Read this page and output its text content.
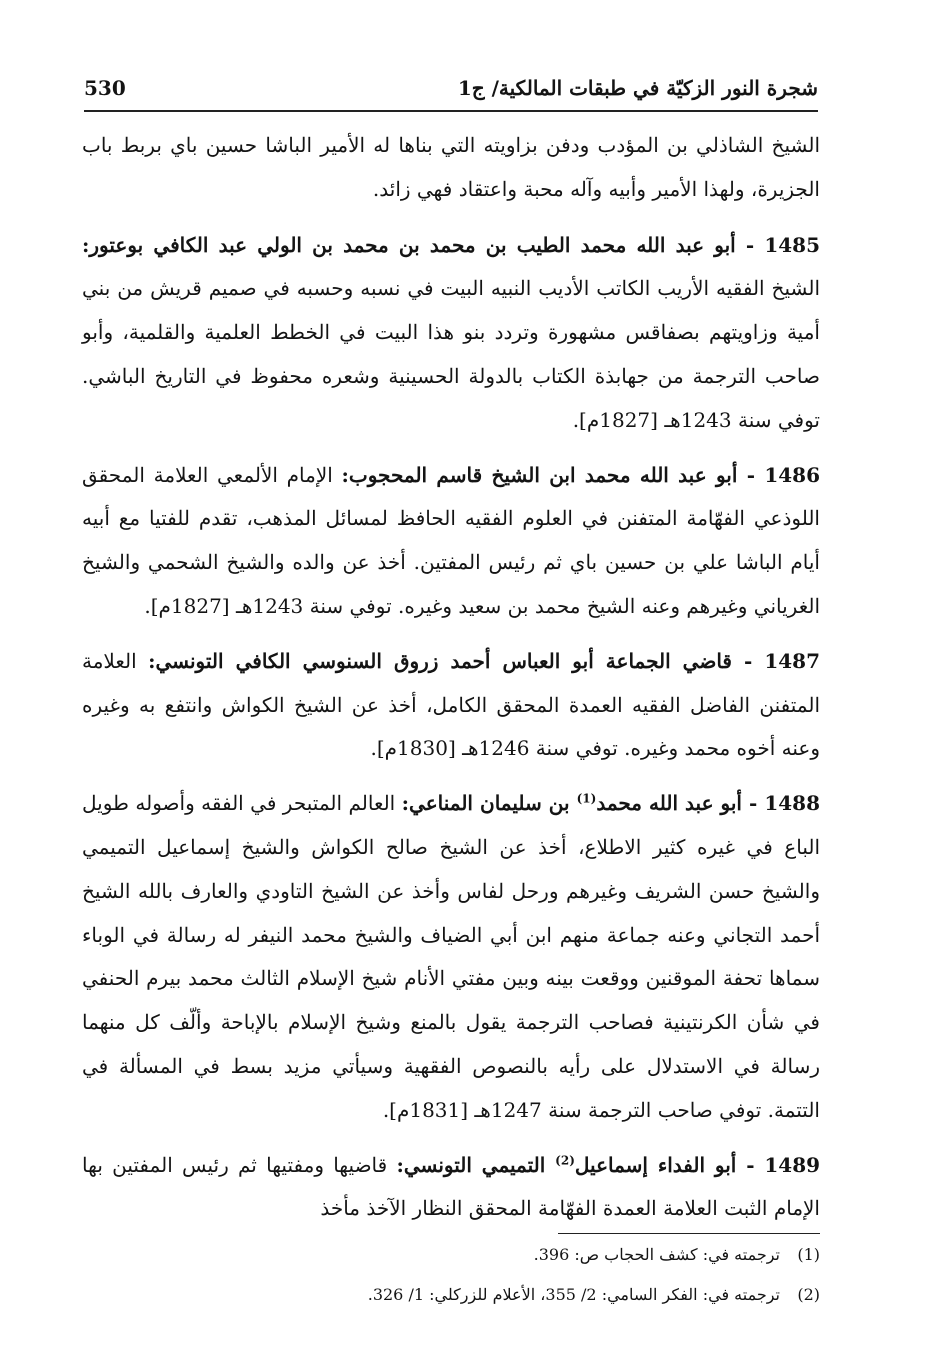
530	شجرة النور الزكيّة في طبقات المالكية/ ج1

الشيخ الشاذلي بن المؤدب ودفن بزاويته التي بناها له الأمير الباشا حسين باي بربط باب الجزيرة، ولهذا الأمير وأبيه وآله محبة واعتقاد فهي زائد.

1485 - أبو عبد الله محمد الطيب بن محمد بن محمد بن الولي عبد الكافي بوعتور: الشيخ الفقيه الأريب الكاتب الأديب النبيه البيت في نسبه وحسبه في صميم قريش من بني أمية وزاويتهم بصفاقس مشهورة وتردد بنو هذا البيت في الخطط العلمية والقلمية، وأبو صاحب الترجمة من جهابذة الكتاب بالدولة الحسينية وشعره محفوظ في التاريخ الباشي. توفي سنة 1243هـ [1827م].

1486 - أبو عبد الله محمد ابن الشيخ قاسم المحجوب: الإمام الألمعي العلامة المحقق اللوذعي الفهّامة المتفنن في العلوم الفقيه الحافظ لمسائل المذهب، تقدم للفتيا مع أبيه أيام الباشا علي بن حسين باي ثم رئيس المفتين. أخذ عن والده والشيخ الشحمي والشيخ الغرياني وغيرهم وعنه الشيخ محمد بن سعيد وغيره. توفي سنة 1243هـ [1827م].

1487 - قاضي الجماعة أبو العباس أحمد زروق السنوسي الكافي التونسي: العلامة المتفنن الفاضل الفقيه العمدة المحقق الكامل، أخذ عن الشيخ الكواش وانتفع به وغيره وعنه أخوه محمد وغيره. توفي سنة 1246هـ [1830م].

1488 - أبو عبد الله محمد$^{(1)}$ بن سليمان المناعي: العالم المتبحر في الفقه وأصوله طويل الباع في غيره كثير الاطلاع، أخذ عن الشيخ صالح الكواش والشيخ إسماعيل التميمي والشيخ حسن الشريف وغيرهم ورحل لفاس وأخذ عن الشيخ التاودي والعارف بالله الشيخ أحمد التجاني وعنه جماعة منهم ابن أبي الضياف والشيخ محمد النيفر له رسالة في الوباء سماها تحفة الموقنين ووقعت بينه وبين مفتي الأنام شيخ الإسلام الثالث محمد بيرم الحنفي في شأن الكرنتينية فصاحب الترجمة يقول بالمنع وشيخ الإسلام بالإباحة وألّف كل منهما رسالة في الاستدلال على رأيه بالنصوص الفقهية وسيأتي مزيد بسط في المسألة في التتمة. توفي صاحب الترجمة سنة 1247هـ [1831م].

1489 - أبو الفداء إسماعيل$^{(2)}$ التميمي التونسي: قاضيها ومفتيها ثم رئيس المفتين بها الإمام الثبت العلامة العمدة الفهّامة المحقق النظار الآخذ مأخذ

(1)ترجمته في: كشف الحجاب ص: 396.
(2)ترجمته في: الفكر السامي: 2/ 355، الأعلام للزركلي: 1/ 326.
